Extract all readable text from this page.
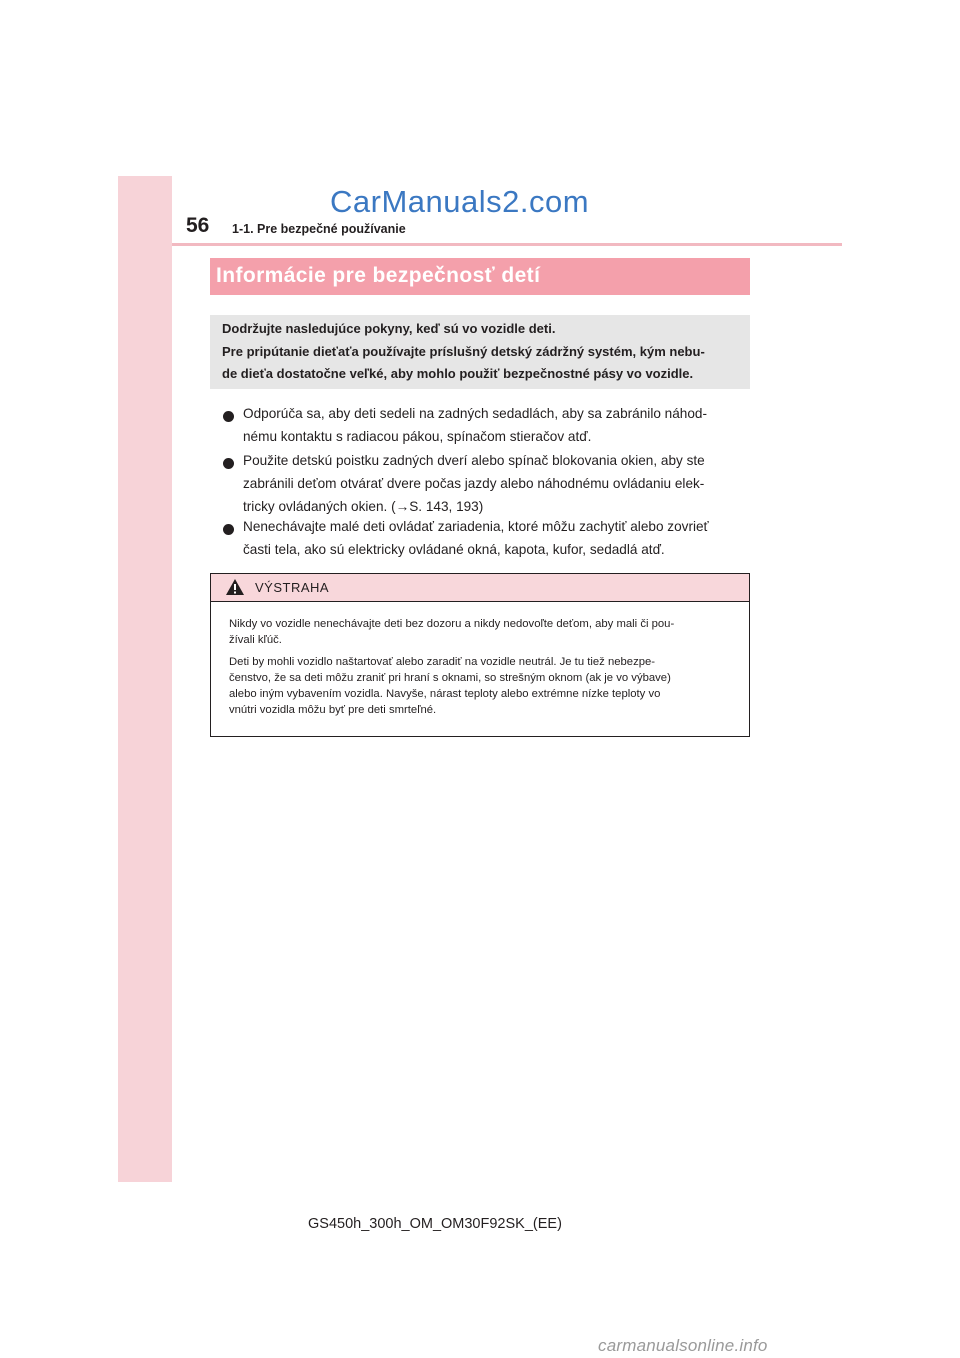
56 1-1. Pre bezpečné používanie
CarManuals2.com
Informácie pre bezpečnosť detí
Dodržujte nasledujúce pokyny, keď sú vo vozidle deti.
Pre pripútanie dieťaťa používajte príslušný detský zádržný systém, kým nebu-
de dieťa dostatočne veľké, aby mohlo použiť bezpečnostné pásy vo vozidle.
Odporúča sa, aby deti sedeli na zadných sedadlách, aby sa zabránilo náhod-
nému kontaktu s radiacou pákou, spínačom stieračov atď.
Použite detskú poistku zadných dverí alebo spínač blokovania okien, aby ste
zabránili deťom otvárať dvere počas jazdy alebo náhodnému ovládaniu elek-
tricky ovládaných okien. (→S. 143, 193)
Nenechávajte malé deti ovládať zariadenia, ktoré môžu zachytiť alebo zovrieť
časti tela, ako sú elektricky ovládané okná, kapota, kufor, sedadlá atď.
VÝSTRAHA
Nikdy vo vozidle nenechávajte deti bez dozoru a nikdy nedovoľte deťom, aby mali či pou-
žívali kľúč.
Deti by mohli vozidlo naštartovať alebo zaradiť na vozidle neutrál. Je tu tiež nebezpe-
čenstvo, že sa deti môžu zraniť pri hraní s oknami, so strešným oknom (ak je vo výbave)
alebo iným vybavením vozidla. Navyše, nárast teploty alebo extrémne nízke teploty vo
vnútri vozidla môžu byť pre deti smrteľné.
GS450h_300h_OM_OM30F92SK_(EE)
carmanualsonline.info
